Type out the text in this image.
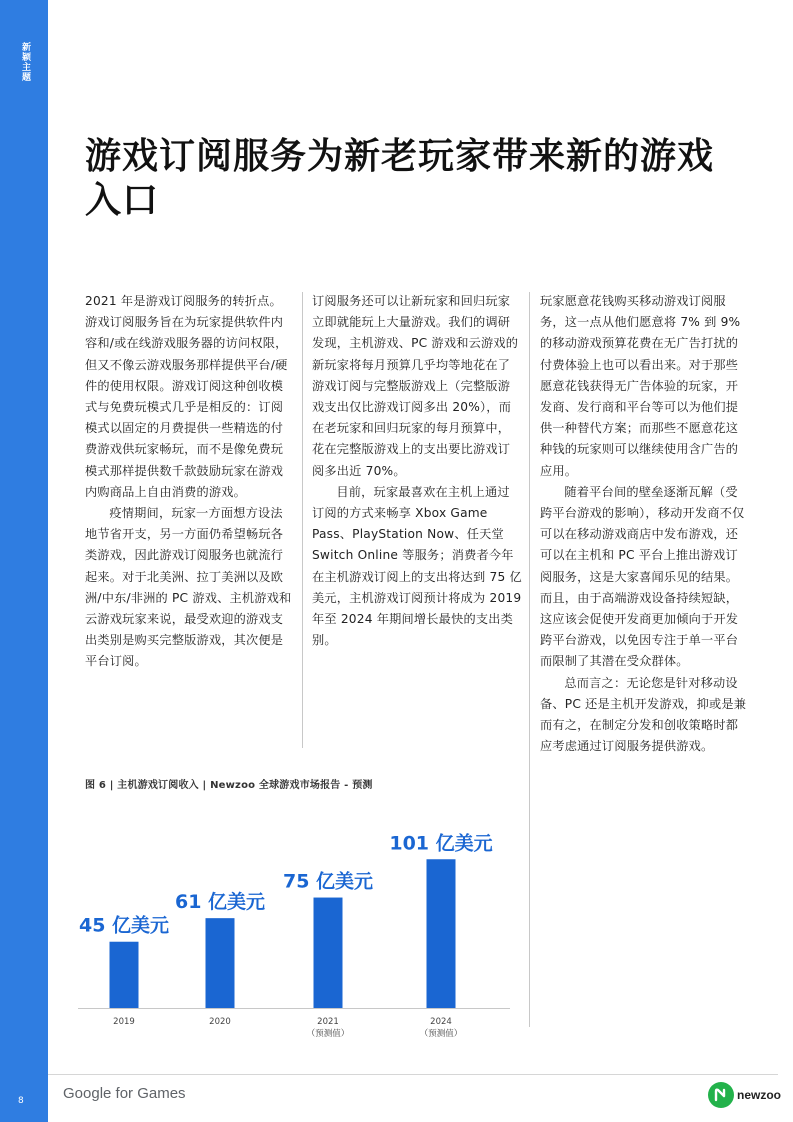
新颖主题
8
游戏订阅服务为新老玩家带来新的游戏入口

2021 年是游戏订阅服务的转折点。游戏订阅服务旨在为玩家提供软件内容和/或在线游戏服务器的访问权限，但又不像云游戏服务那样提供平台/硬件的使用权限。游戏订阅这种创收模式与免费玩模式几乎是相反的：订阅模式以固定的月费提供一些精选的付费游戏供玩家畅玩，而不是像免费玩模式那样提供数千款鼓励玩家在游戏内购商品上自由消费的游戏。

疫情期间，玩家一方面想方设法地节省开支，另一方面仍希望畅玩各类游戏，因此游戏订阅服务也就流行起来。对于北美洲、拉丁美洲以及欧洲/中东/非洲的 PC 游戏、主机游戏和云游戏玩家来说，最受欢迎的游戏支出类别是购买完整版游戏，其次便是平台订阅。

订阅服务还可以让新玩家和回归玩家立即就能玩上大量游戏。我们的调研发现，主机游戏、PC 游戏和云游戏的新玩家将每月预算几乎均等地花在了游戏订阅与完整版游戏上（完整版游戏支出仅比游戏订阅多出 20%），而在老玩家和回归玩家的每月预算中，花在完整版游戏上的支出要比游戏订阅多出近 70%。

目前，玩家最喜欢在主机上通过订阅的方式来畅享 Xbox Game Pass、PlayStation Now、任天堂 Switch Online 等服务；消费者今年在主机游戏订阅上的支出将达到 75 亿美元，主机游戏订阅预计将成为 2019 年至 2024 年期间增长最快的支出类别。

玩家愿意花钱购买移动游戏订阅服务，这一点从他们愿意将 7% 到 9% 的移动游戏预算花费在无广告打扰的付费体验上也可以看出来。对于那些愿意花钱获得无广告体验的玩家，开发商、发行商和平台等可以为他们提供一种替代方案；而那些不愿意花这种钱的玩家则可以继续使用含广告的应用。

随着平台间的壁垒逐渐瓦解（受跨平台游戏的影响），移动开发商不仅可以在移动游戏商店中发布游戏，还可以在主机和 PC 平台上推出游戏订阅服务，这是大家喜闻乐见的结果。而且，由于高端游戏设备持续短缺，这应该会促使开发商更加倾向于开发跨平台游戏，以免因专注于单一平台而限制了其潜在受众群体。

总而言之：无论您是针对移动设备、PC 还是主机开发游戏，抑或是兼而有之，在制定分发和创收策略时都应考虑通过订阅服务提供游戏。

图 6 | 主机游戏订阅收入 | Newzoo 全球游戏市场报告 - 预测
45 亿美元
2019
61 亿美元
2020
75 亿美元
2021
（预测值）
101 亿美元
2024
（预测值）
Google for Games	newzoo
